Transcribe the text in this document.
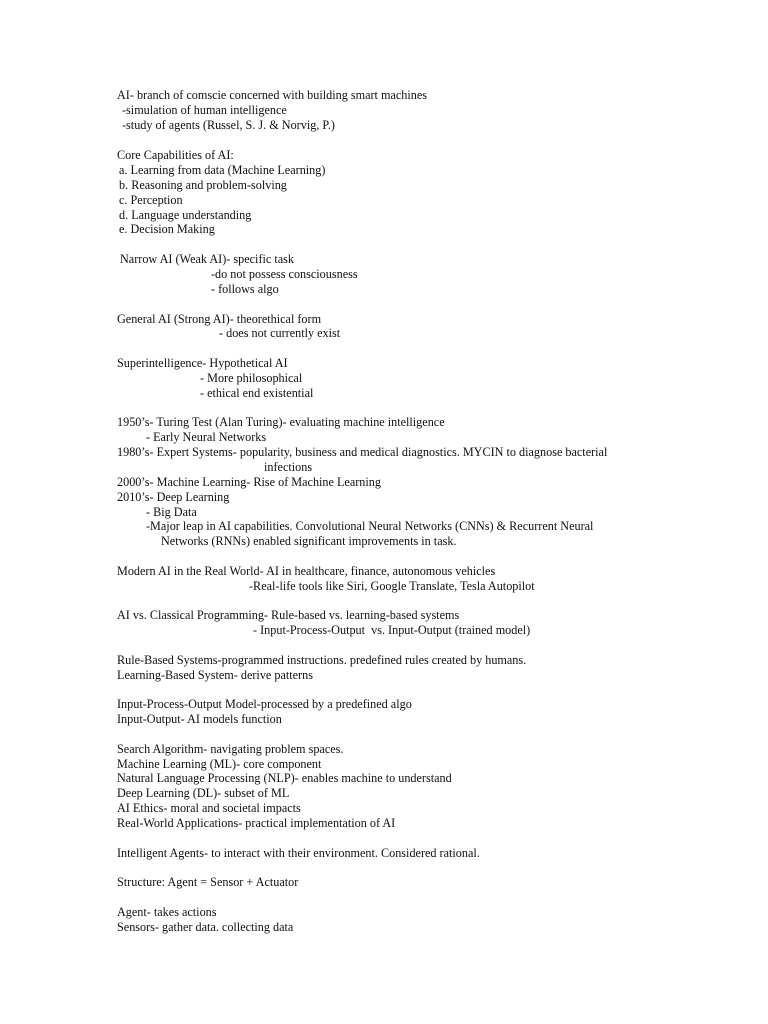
AI- branch of comscie concerned with building smart machines
-simulation of human intelligence
-study of agents (Russel, S. J. & Norvig, P.)
Core Capabilities of AI:
a. Learning from data (Machine Learning)
b. Reasoning and problem-solving
c. Perception
d. Language understanding
e. Decision Making
Narrow AI (Weak AI)- specific task
-do not possess consciousness
- follows algo
General AI (Strong AI)- theorethical form
- does not currently exist
Superintelligence- Hypothetical AI
- More philosophical
- ethical end existential
1950’s- Turing Test (Alan Turing)- evaluating machine intelligence
- Early Neural Networks
1980’s- Expert Systems- popularity, business and medical diagnostics. MYCIN to diagnose bacterial
infections
2000’s- Machine Learning- Rise of Machine Learning
2010’s- Deep Learning
- Big Data
-Major leap in AI capabilities. Convolutional Neural Networks (CNNs) & Recurrent Neural
Networks (RNNs) enabled significant improvements in task.
Modern AI in the Real World- AI in healthcare, finance, autonomous vehicles
-Real-life tools like Siri, Google Translate, Tesla Autopilot
AI vs. Classical Programming- Rule-based vs. learning-based systems
- Input-Process-Output  vs. Input-Output (trained model)
Rule-Based Systems-programmed instructions. predefined rules created by humans.
Learning-Based System- derive patterns
Input-Process-Output Model-processed by a predefined algo
Input-Output- AI models function
Search Algorithm- navigating problem spaces.
Machine Learning (ML)- core component
Natural Language Processing (NLP)- enables machine to understand
Deep Learning (DL)- subset of ML
AI Ethics- moral and societal impacts
Real-World Applications- practical implementation of AI
Intelligent Agents- to interact with their environment. Considered rational.
Structure: Agent = Sensor + Actuator
Agent- takes actions
Sensors- gather data. collecting data
